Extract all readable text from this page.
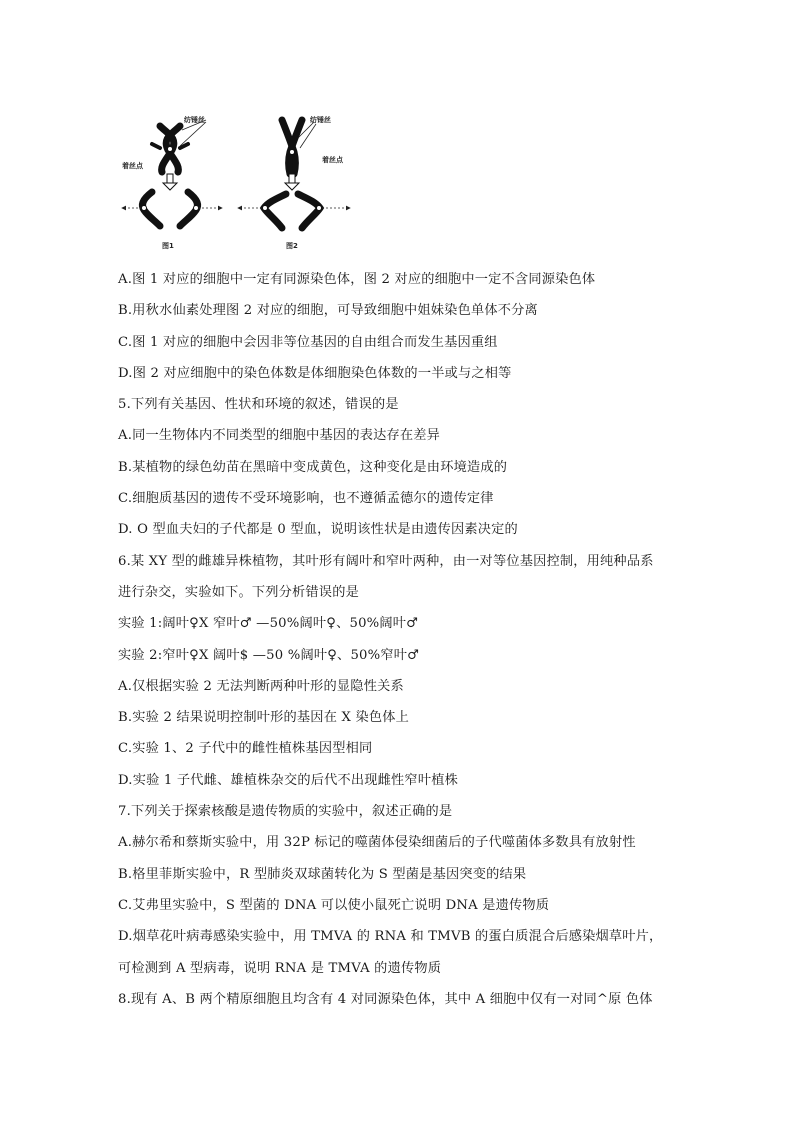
纺锤丝
着丝点
图1
纺锤丝
着丝点
图2
A.图 1 对应的细胞中一定有同源染色体，图 2 对应的细胞中一定不含同源染色体
B.用秋水仙素处理图 2 对应的细胞，可导致细胞中姐妹染色单体不分离
C.图 1 对应的细胞中会因非等位基因的自由组合而发生基因重组
D.图 2 对应细胞中的染色体数是体细胞染色体数的一半或与之相等
5.下列有关基因、性状和环境的叙述，错误的是
A.同一生物体内不同类型的细胞中基因的表达存在差异
B.某植物的绿色幼苗在黑暗中变成黄色，这种变化是由环境造成的
C.细胞质基因的遗传不受环境影响，也不遵循孟德尔的遗传定律
D. O 型血夫妇的子代都是 0 型血，说明该性状是由遗传因素决定的
6.某 XY 型的雌雄异株植物，其叶形有阔叶和窄叶两种，由一对等位基因控制，用纯种品系
进行杂交，实验如下。下列分析错误的是
实验 1:阔叶♀X 窄叶♂ —50%阔叶♀、50%阔叶♂
实验 2:窄叶♀X 阔叶$ —50 %阔叶♀、50%窄叶♂
A.仅根据实验 2 无法判断两种叶形的显隐性关系
B.实验 2 结果说明控制叶形的基因在 X 染色体上
C.实验 1、2 子代中的雌性植株基因型相同
D.实验 1 子代雌、雄植株杂交的后代不出现雌性窄叶植株
7.下列关于探索核酸是遗传物质的实验中，叙述正确的是
A.赫尔希和蔡斯实验中，用 32P 标记的噬菌体侵染细菌后的子代噬菌体多数具有放射性
B.格里菲斯实验中，R 型肺炎双球菌转化为 S 型菌是基因突变的结果
C.艾弗里实验中，S 型菌的 DNA 可以使小鼠死亡说明 DNA 是遗传物质
D.烟草花叶病毒感染实验中，用 TMVA 的 RNA 和 TMVB 的蛋白质混合后感染烟草叶片，
可检测到 A 型病毒，说明 RNA 是 TMVA 的遗传物质
8.现有 A、B 两个精原细胞且均含有 4 对同源染色体，其中 A 细胞中仅有一对同^原 色体
